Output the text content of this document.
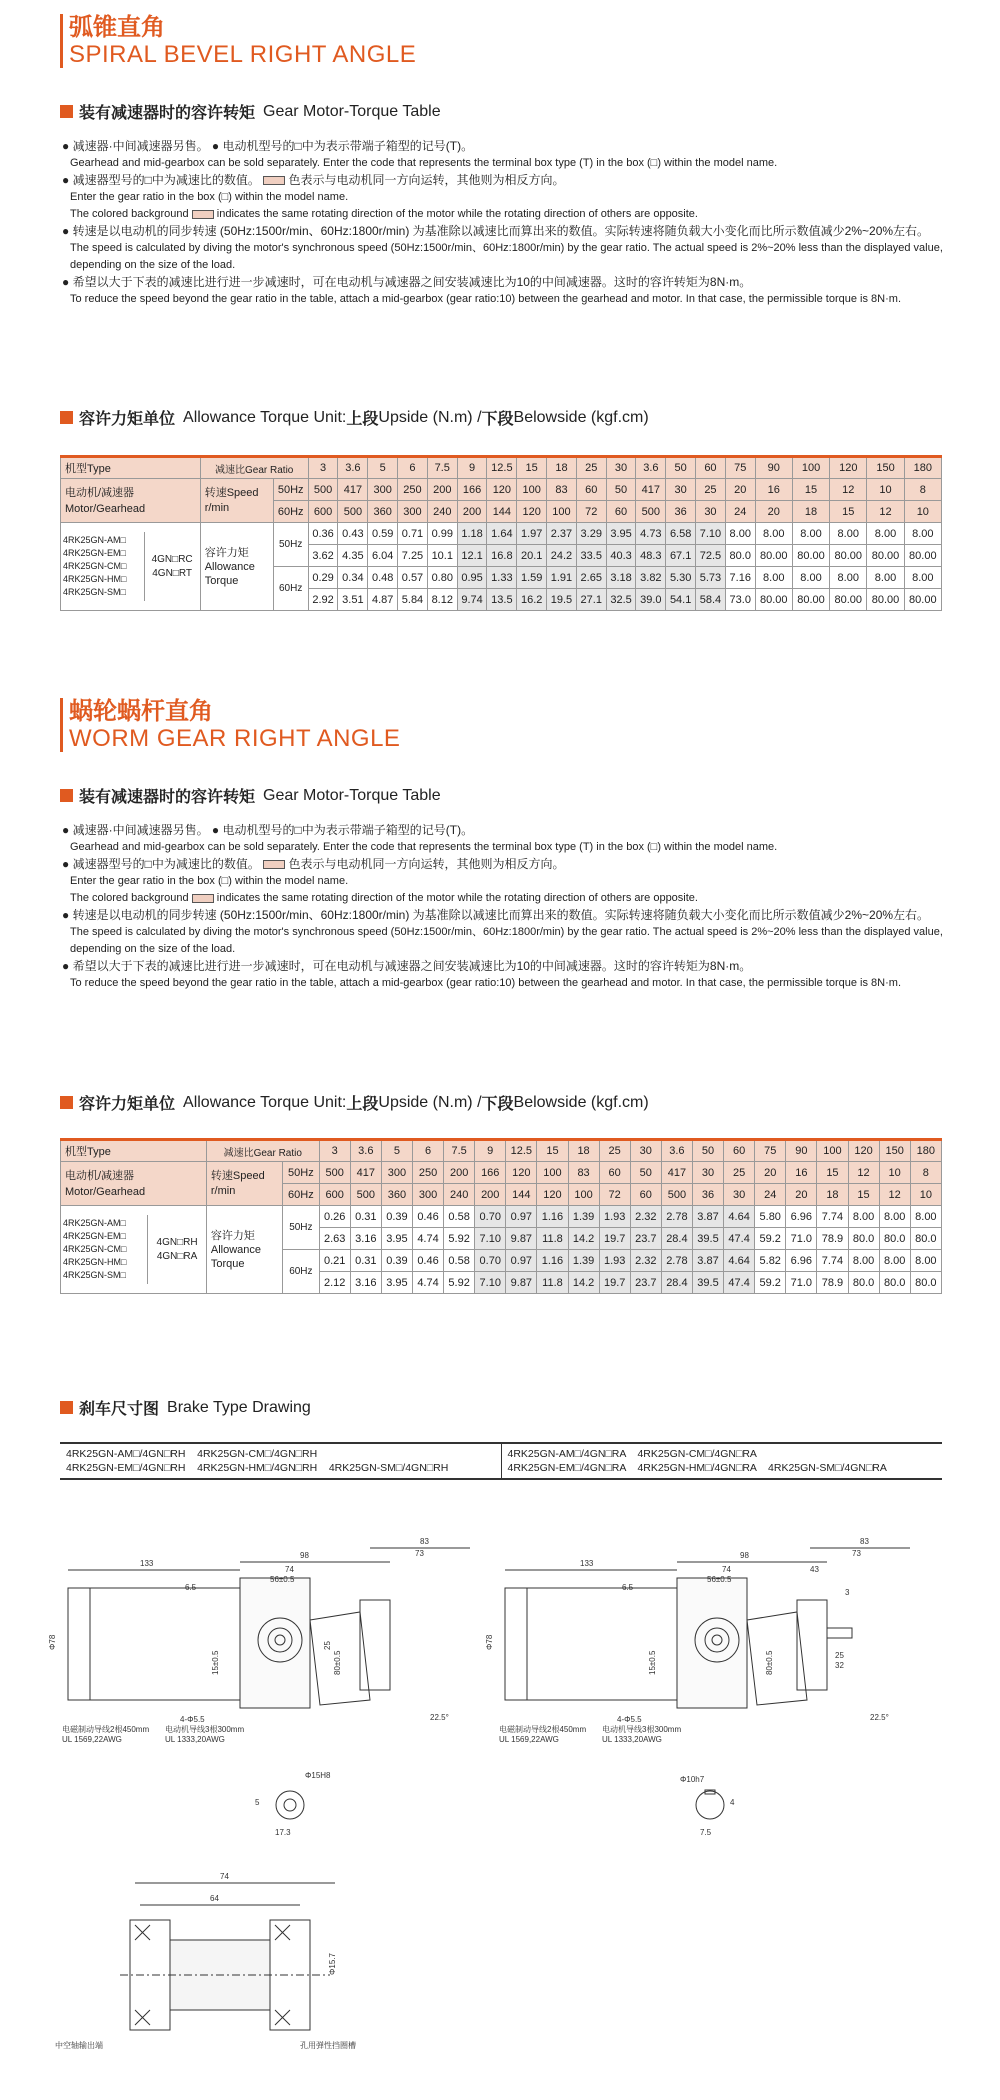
弧锥直角
SPIRAL BEVEL RIGHT ANGLE
装有减速器时的容许转矩 Gear Motor-Torque Table
● 减速器·中间减速器另售。 ● 电动机型号的□中为表示带端子箱型的记号(T)。
Gearhead and mid-gearbox can be sold separately. Enter the code that represents the terminal box type (T) in the box (□) within the model name.
● 减速器型号的□中为减速比的数值。 色表示与电动机同一方向运转，其他则为相反方向。
Enter the gear ratio in the box (□) within the model name.
The colored background	indicates the same rotating direction of the motor while the rotating direction of others are opposite.
● 转速是以电动机的同步转速 (50Hz:1500r/min、60Hz:1800r/min) 为基准除以减速比而算出来的数值。实际转速将随负载大小变化而比所示数值减少2%~20%左右。
The speed is calculated by diving the motor's synchronous speed (50Hz:1500r/min、60Hz:1800r/min) by the gear ratio. The actual speed is 2%~20% less than the displayed value, depending on the size of the load.
● 希望以大于下表的减速比进行进一步减速时，可在电动机与减速器之间安装减速比为10的中间减速器。这时的容许转矩为8N·m。
To reduce the speed beyond the gear ratio in the table, attach a mid-gearbox (gear ratio:10) between the gearhead and motor. In that case, the permissible torque is 8N·m.
容许力矩单位 Allowance Torque Unit: 上段 Upside (N.m) / 下段 Belowside (kgf.cm)
机型Type	减速比Gear Ratio	3	3.6	5	6	7.5	9	12.5	15	18	25	30	3.6	50	60	75	90	100	120	150	180

电动机/减速器
Motor/Gearhead

转速Speed
r/min
	50Hz	500	417	300	250	200	166	120	100	83	60	50	417	30	25	20	16	15	12	10	8
60Hz	600	500	360	300	240	200	144	120	100	72	60	500	36	30	24	20	18	15	12	10

4RK25GN-AM□
4RK25GN-EM□
4RK25GN-CM□
4RK25GN-HM□
4RK25GN-SM□

4GN□RC
4GN□RT

容许力矩
Allowance
Torque
	50Hz	0.36	0.43	0.59	0.71	0.99	1.18	1.64	1.97	2.37	3.29	3.95	4.73	6.58	7.10	8.00	8.00	8.00	8.00	8.00	8.00
3.62	4.35	6.04	7.25	10.1	12.1	16.8	20.1	24.2	33.5	40.3	48.3	67.1	72.5	80.0	80.00	80.00	80.00	80.00	80.00
60Hz	0.29	0.34	0.48	0.57	0.80	0.95	1.33	1.59	1.91	2.65	3.18	3.82	5.30	5.73	7.16	8.00	8.00	8.00	8.00	8.00
2.92	3.51	4.87	5.84	8.12	9.74	13.5	16.2	19.5	27.1	32.5	39.0	54.1	58.4	73.0	80.00	80.00	80.00	80.00	80.00
蜗轮蜗杆直角
WORM GEAR RIGHT ANGLE
装有减速器时的容许转矩 Gear Motor-Torque Table
● 减速器·中间减速器另售。 ● 电动机型号的□中为表示带端子箱型的记号(T)。
Gearhead and mid-gearbox can be sold separately. Enter the code that represents the terminal box type (T) in the box (□) within the model name.
● 减速器型号的□中为减速比的数值。 色表示与电动机同一方向运转，其他则为相反方向。
Enter the gear ratio in the box (□) within the model name.
The colored background	indicates the same rotating direction of the motor while the rotating direction of others are opposite.
● 转速是以电动机的同步转速 (50Hz:1500r/min、60Hz:1800r/min) 为基准除以减速比而算出来的数值。实际转速将随负载大小变化而比所示数值减少2%~20%左右。
The speed is calculated by diving the motor's synchronous speed (50Hz:1500r/min、60Hz:1800r/min) by the gear ratio. The actual speed is 2%~20% less than the displayed value, depending on the size of the load.
● 希望以大于下表的减速比进行进一步减速时，可在电动机与减速器之间安装减速比为10的中间减速器。这时的容许转矩为8N·m。
To reduce the speed beyond the gear ratio in the table, attach a mid-gearbox (gear ratio:10) between the gearhead and motor. In that case, the permissible torque is 8N·m.
容许力矩单位 Allowance Torque Unit: 上段 Upside (N.m) / 下段 Belowside (kgf.cm)
机型Type	减速比Gear Ratio	3	3.6	5	6	7.5	9	12.5	15	18	25	30	3.6	50	60	75	90	100	120	150	180

电动机/减速器
Motor/Gearhead

转速Speed
r/min
	50Hz	500	417	300	250	200	166	120	100	83	60	50	417	30	25	20	16	15	12	10	8
60Hz	600	500	360	300	240	200	144	120	100	72	60	500	36	30	24	20	18	15	12	10

4RK25GN-AM□
4RK25GN-EM□
4RK25GN-CM□
4RK25GN-HM□
4RK25GN-SM□

4GN□RH
4GN□RA

容许力矩
Allowance
Torque
	50Hz	0.26	0.31	0.39	0.46	0.58	0.70	0.97	1.16	1.39	1.93	2.32	2.78	3.87	4.64	5.80	6.96	7.74	8.00	8.00	8.00
2.63	3.16	3.95	4.74	5.92	7.10	9.87	11.8	14.2	19.7	23.7	28.4	39.5	47.4	59.2	71.0	78.9	80.0	80.0	80.0
60Hz	0.21	0.31	0.39	0.46	0.58	0.70	0.97	1.16	1.39	1.93	2.32	2.78	3.87	4.64	5.82	6.96	7.74	8.00	8.00	8.00
2.12	3.16	3.95	4.74	5.92	7.10	9.87	11.8	14.2	19.7	23.7	28.4	39.5	47.4	59.2	71.0	78.9	80.0	80.0	80.0
刹车尺寸图 Brake Type Drawing
4RK25GN-AM□/4GN□RH    4RK25GN-CM□/4GN□RH
4RK25GN-EM□/4GN□RH    4RK25GN-HM□/4GN□RH    4RK25GN-SM□/4GN□RH
4RK25GN-AM□/4GN□RA    4RK25GN-CM□/4GN□RA
4RK25GN-EM□/4GN□RA    4RK25GN-HM□/4GN□RA    4RK25GN-SM□/4GN□RA
133
98
83
73
74
56±0.5
6.5
Φ78	25
80±0.5
15±0.5
4-Φ5.5	22.5°
电磁制动导线2根450mm
UL 1569,22AWG
电动机导线3根300mm
UL 1333,20AWG
Φ15H8
17.3
5
133
98
83
73
43
74
56±0.5
6.5
3
25
32
Φ78
80±0.5
15±0.5
4-Φ5.5	22.5°
电磁制动导线2根450mm
UL 1569,22AWG
电动机导线3根300mm
UL 1333,20AWG
Φ10h7
7.5
4
74
64
Φ15.7
中空轴输出端	孔用弹性挡圈槽
